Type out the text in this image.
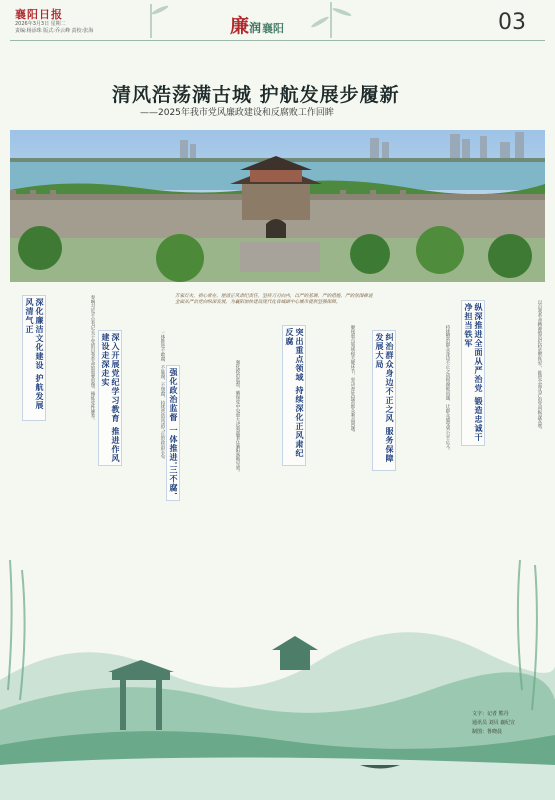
襄阳日报
2026年3月3日 星期二
责编:杨添珠 版式:乔云峰 责校:张海	廉润 襄阳	03
清风浩荡满古城 护航发展步履新
——2025年我市党风廉政建设和反腐败工作回眸
万家灯火，初心常在。厘清正风肃纪责任，坚持刀刃向内，以严的基调、严的措施、严的氛围推进全面从严治党向纵深发展，为襄阳加快建设现代化省域副中心城市提供坚强保障。
深化廉洁文化建设 护航发展风清气正	奏响习近平总书记关于党的自我革命的重要思想，锤炼党性修养。	深入开展党纪学习教育 推进作风建设走深走实	一体推进不敢腐、不能腐、不想腐，持续营造风清气正的政治生态。 强化政治监督 一体推进'三不腐'	强化政治监督，确保党中央重大决策部署在襄阳落地见效。	突出重点领域 持续深化正风肃纪反腐	聚焦重点领域和关键环节，坚决查处侵害群众利益问题。	纠治群众身边不正之风 服务保障发展大局	持续整治群众身边不正之风和腐败问题，让群众感受到公平正义。	纵深推进全面从严治党 锻造忠诚干净担当铁军	以自我革命精神锻造纪检监察铁军，推进全面从严治党向纵深发展。
文字：记者 熊丹
通讯员 刘贝 襄纪宣
制图：鲁晓晨
